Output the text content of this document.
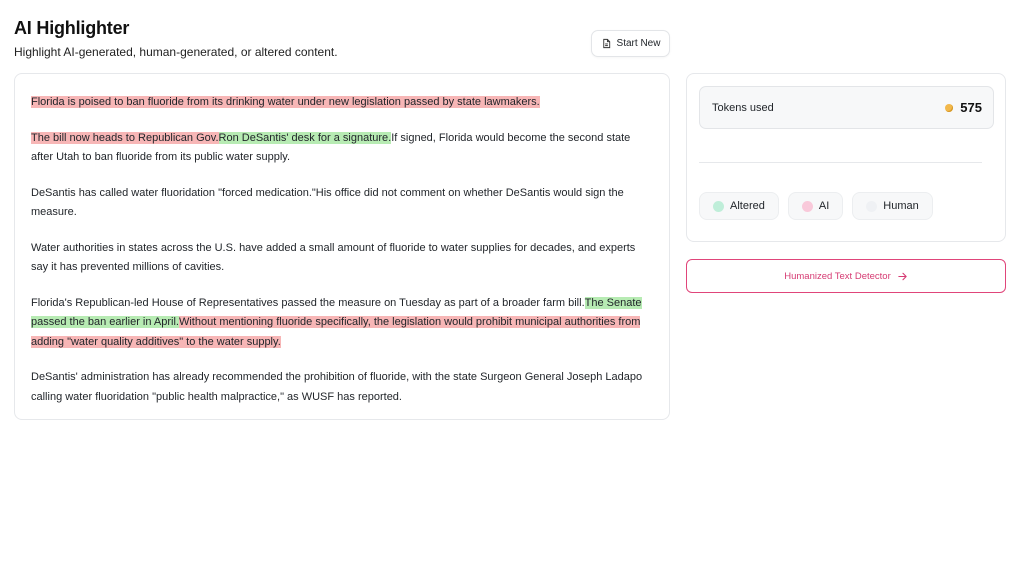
AI Highlighter
Highlight AI-generated, human-generated, or altered content.
Start New

Florida is poised to ban fluoride from its drinking water under new legislation passed by state lawmakers.

The bill now heads to Republican Gov.Ron DeSantis' desk for a signature.If signed, Florida would become the second state after Utah to ban fluoride from its public water supply.

DeSantis has called water fluoridation "forced medication."His office did not comment on whether DeSantis would sign the measure.

Water authorities in states across the U.S. have added a small amount of fluoride to water supplies for decades, and experts say it has prevented millions of cavities.

Florida's Republican-led House of Representatives passed the measure on Tuesday as part of a broader farm bill.The Senate passed the ban earlier in April.Without mentioning fluoride specifically, the legislation would prohibit municipal authorities from adding "water quality additives" to the water supply.

DeSantis' administration has already recommended the prohibition of fluoride, with the state Surgeon General Joseph Ladapo calling water fluoridation "public health malpractice," as WUSF has reported.

Tokens used	575
Altered	AI	Human
Humanized Text Detector
